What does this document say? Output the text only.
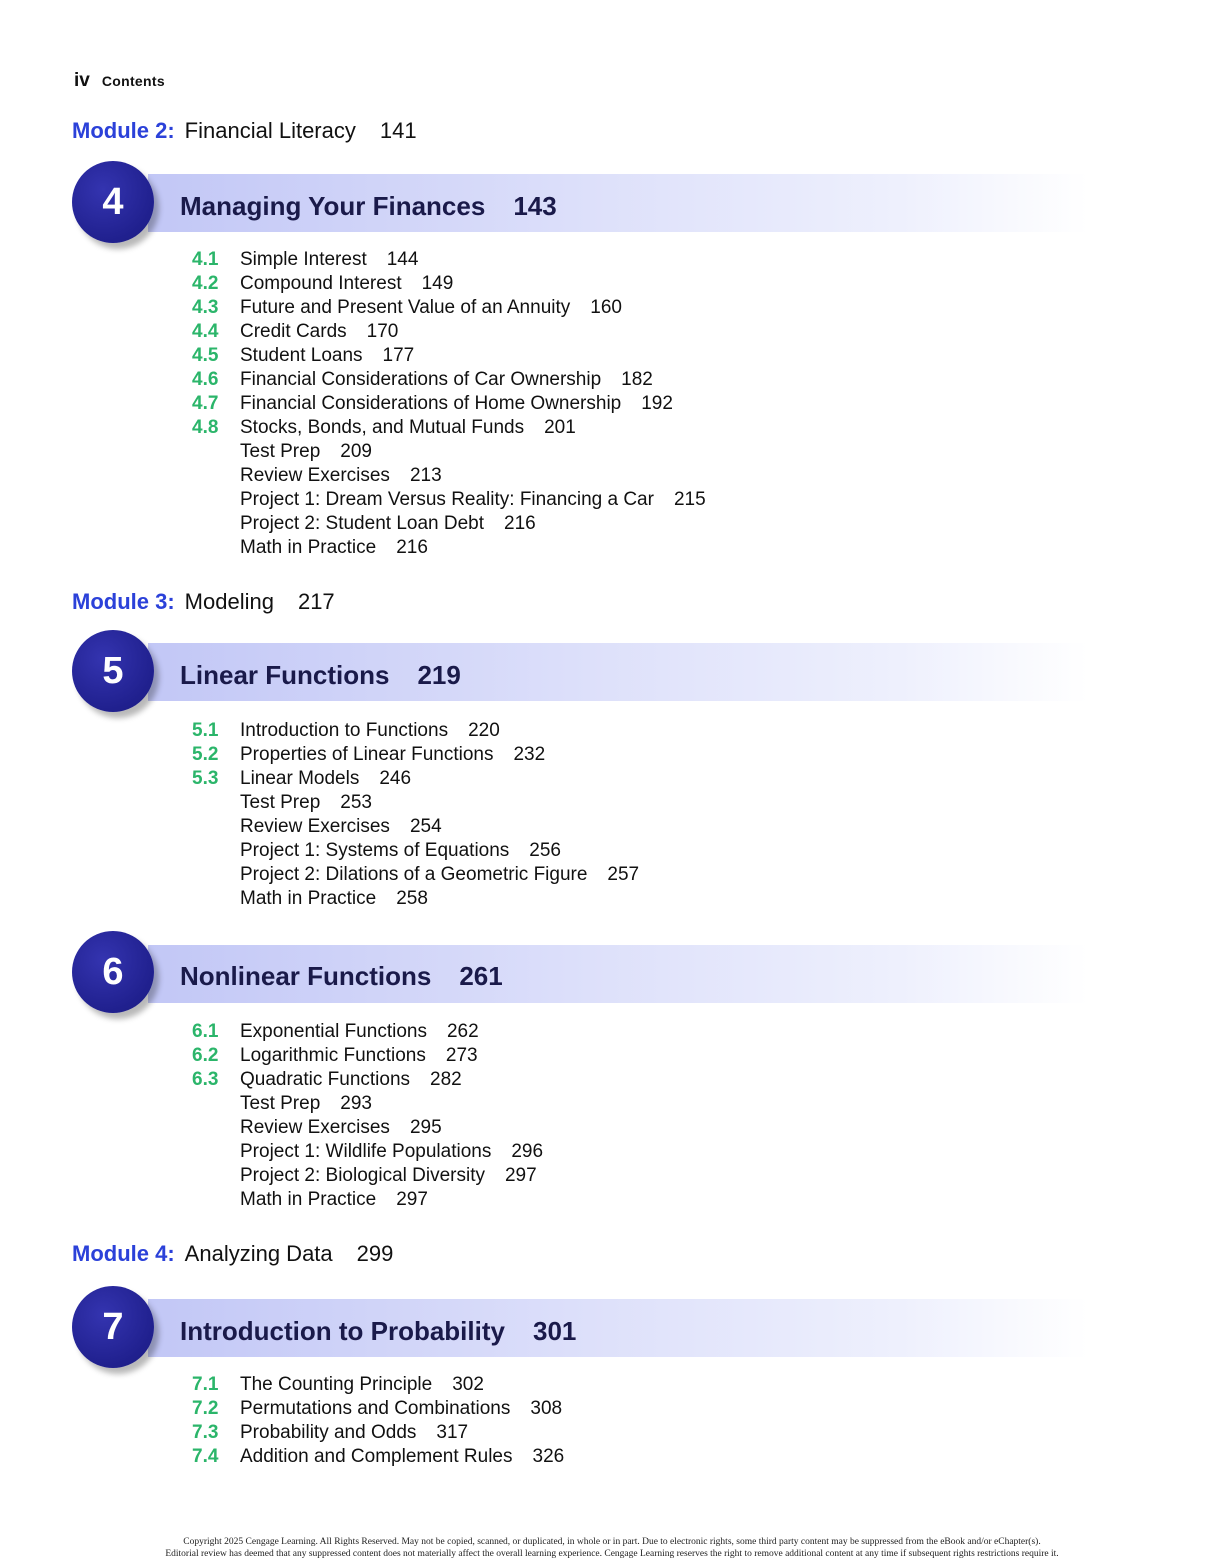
iv Contents
Module 2: Financial Literacy 141
4	Managing Your Finances 143
4.1 Simple Interest 144
4.2 Compound Interest 149
4.3 Future and Present Value of an Annuity 160
4.4 Credit Cards 170
4.5 Student Loans 177
4.6 Financial Considerations of Car Ownership 182
4.7 Financial Considerations of Home Ownership 192
4.8 Stocks, Bonds, and Mutual Funds 201
Test Prep 209
Review Exercises 213
Project 1: Dream Versus Reality: Financing a Car 215
Project 2: Student Loan Debt 216
Math in Practice 216
Module 3: Modeling 217
5	Linear Functions 219
5.1 Introduction to Functions 220
5.2 Properties of Linear Functions 232
5.3 Linear Models 246
Test Prep 253
Review Exercises 254
Project 1: Systems of Equations 256
Project 2: Dilations of a Geometric Figure 257
Math in Practice 258
6	Nonlinear Functions 261
6.1 Exponential Functions 262
6.2 Logarithmic Functions 273
6.3 Quadratic Functions 282
Test Prep 293
Review Exercises 295
Project 1: Wildlife Populations 296
Project 2: Biological Diversity 297
Math in Practice 297
Module 4: Analyzing Data 299
7	Introduction to Probability 301
7.1 The Counting Principle 302
7.2 Permutations and Combinations 308
7.3 Probability and Odds 317
7.4 Addition and Complement Rules 326
Copyright 2025 Cengage Learning. All Rights Reserved. May not be copied, scanned, or duplicated, in whole or in part. Due to electronic rights, some third party content may be suppressed from the eBook and/or eChapter(s).
Editorial review has deemed that any suppressed content does not materially affect the overall learning experience. Cengage Learning reserves the right to remove additional content at any time if subsequent rights restrictions require it.
